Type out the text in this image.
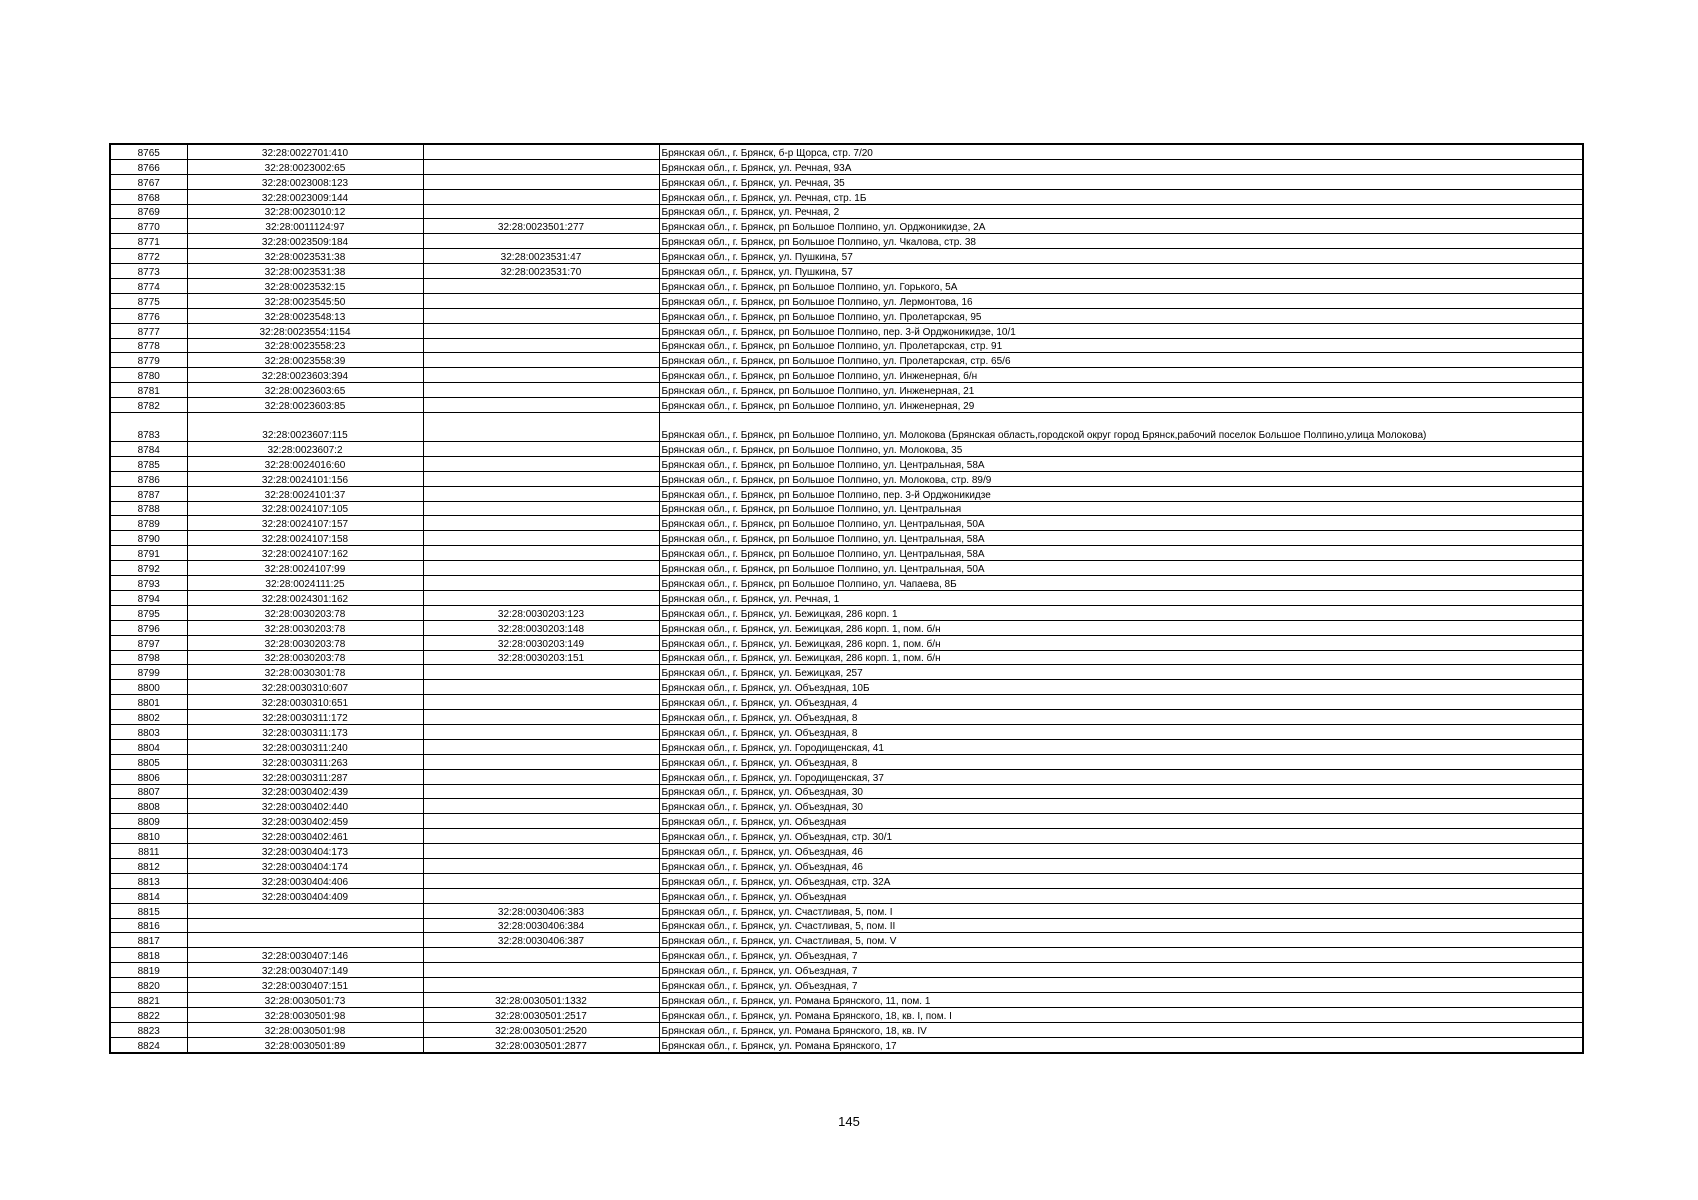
8765	32:28:0022701:410		Брянская обл., г. Брянск, б-р Щорса, стр. 7/20
8766	32:28:0023002:65		Брянская обл., г. Брянск, ул. Речная, 93А
8767	32:28:0023008:123		Брянская обл., г. Брянск, ул. Речная, 35
8768	32:28:0023009:144		Брянская обл., г. Брянск, ул. Речная, стр. 1Б
8769	32:28:0023010:12		Брянская обл., г. Брянск, ул. Речная, 2
8770	32:28:0011124:97	32:28:0023501:277	Брянская обл., г. Брянск, рп Большое Полпино, ул. Орджоникидзе, 2А
8771	32:28:0023509:184		Брянская обл., г. Брянск, рп Большое Полпино, ул. Чкалова, стр. 38
8772	32:28:0023531:38	32:28:0023531:47	Брянская обл., г. Брянск, ул. Пушкина, 57
8773	32:28:0023531:38	32:28:0023531:70	Брянская обл., г. Брянск, ул. Пушкина, 57
8774	32:28:0023532:15		Брянская обл., г. Брянск, рп Большое Полпино, ул. Горького, 5А
8775	32:28:0023545:50		Брянская обл., г. Брянск, рп Большое Полпино, ул. Лермонтова, 16
8776	32:28:0023548:13		Брянская обл., г. Брянск, рп Большое Полпино, ул. Пролетарская, 95
8777	32:28:0023554:1154		Брянская обл., г. Брянск, рп Большое Полпино, пер. 3-й Орджоникидзе, 10/1
8778	32:28:0023558:23		Брянская обл., г. Брянск, рп Большое Полпино, ул. Пролетарская, стр. 91
8779	32:28:0023558:39		Брянская обл., г. Брянск, рп Большое Полпино, ул. Пролетарская, стр. 65/6
8780	32:28:0023603:394		Брянская обл., г. Брянск, рп Большое Полпино, ул. Инженерная, б/н
8781	32:28:0023603:65		Брянская обл., г. Брянск, рп Большое Полпино, ул. Инженерная, 21
8782	32:28:0023603:85		Брянская обл., г. Брянск, рп Большое Полпино, ул. Инженерная, 29
8783	32:28:0023607:115		Брянская обл., г. Брянск, рп Большое Полпино, ул. Молокова (Брянская область,городской округ город Брянск,рабочий поселок Большое Полпино,улица Молокова)
8784	32:28:0023607:2		Брянская обл., г. Брянск, рп Большое Полпино, ул. Молокова, 35
8785	32:28:0024016:60		Брянская обл., г. Брянск, рп Большое Полпино, ул. Центральная, 58А
8786	32:28:0024101:156		Брянская обл., г. Брянск, рп Большое Полпино, ул. Молокова, стр. 89/9
8787	32:28:0024101:37		Брянская обл., г. Брянск, рп Большое Полпино, пер. 3-й Орджоникидзе
8788	32:28:0024107:105		Брянская обл., г. Брянск, рп Большое Полпино, ул. Центральная
8789	32:28:0024107:157		Брянская обл., г. Брянск, рп Большое Полпино, ул. Центральная, 50А
8790	32:28:0024107:158		Брянская обл., г. Брянск, рп Большое Полпино, ул. Центральная, 58А
8791	32:28:0024107:162		Брянская обл., г. Брянск, рп Большое Полпино, ул. Центральная, 58А
8792	32:28:0024107:99		Брянская обл., г. Брянск, рп Большое Полпино, ул. Центральная, 50А
8793	32:28:0024111:25		Брянская обл., г. Брянск, рп Большое Полпино, ул. Чапаева, 8Б
8794	32:28:0024301:162		Брянская обл., г. Брянск, ул. Речная, 1
8795	32:28:0030203:78	32:28:0030203:123	Брянская обл., г. Брянск, ул. Бежицкая, 286 корп. 1
8796	32:28:0030203:78	32:28:0030203:148	Брянская обл., г. Брянск, ул. Бежицкая, 286 корп. 1, пом. б/н
8797	32:28:0030203:78	32:28:0030203:149	Брянская обл., г. Брянск, ул. Бежицкая, 286 корп. 1, пом. б/н
8798	32:28:0030203:78	32:28:0030203:151	Брянская обл., г. Брянск, ул. Бежицкая, 286 корп. 1, пом. б/н
8799	32:28:0030301:78		Брянская обл., г. Брянск, ул. Бежицкая, 257
8800	32:28:0030310:607		Брянская обл., г. Брянск, ул. Объездная, 10Б
8801	32:28:0030310:651		Брянская обл., г. Брянск, ул. Объездная, 4
8802	32:28:0030311:172		Брянская обл., г. Брянск, ул. Объездная, 8
8803	32:28:0030311:173		Брянская обл., г. Брянск, ул. Объездная, 8
8804	32:28:0030311:240		Брянская обл., г. Брянск, ул. Городищенская, 41
8805	32:28:0030311:263		Брянская обл., г. Брянск, ул. Объездная, 8
8806	32:28:0030311:287		Брянская обл., г. Брянск, ул. Городищенская, 37
8807	32:28:0030402:439		Брянская обл., г. Брянск, ул. Объездная, 30
8808	32:28:0030402:440		Брянская обл., г. Брянск, ул. Объездная, 30
8809	32:28:0030402:459		Брянская обл., г. Брянск, ул. Объездная
8810	32:28:0030402:461		Брянская обл., г. Брянск, ул. Объездная, стр. 30/1
8811	32:28:0030404:173		Брянская обл., г. Брянск, ул. Объездная, 46
8812	32:28:0030404:174		Брянская обл., г. Брянск, ул. Объездная, 46
8813	32:28:0030404:406		Брянская обл., г. Брянск, ул. Объездная, стр. 32А
8814	32:28:0030404:409		Брянская обл., г. Брянск, ул. Объездная
8815		32:28:0030406:383	Брянская обл., г. Брянск, ул. Счастливая, 5, пом. I
8816		32:28:0030406:384	Брянская обл., г. Брянск, ул. Счастливая, 5, пом. II
8817		32:28:0030406:387	Брянская обл., г. Брянск, ул. Счастливая, 5, пом. V
8818	32:28:0030407:146		Брянская обл., г. Брянск, ул. Объездная, 7
8819	32:28:0030407:149		Брянская обл., г. Брянск, ул. Объездная, 7
8820	32:28:0030407:151		Брянская обл., г. Брянск, ул. Объездная, 7
8821	32:28:0030501:73	32:28:0030501:1332	Брянская обл., г. Брянск, ул. Романа Брянского, 11, пом. 1
8822	32:28:0030501:98	32:28:0030501:2517	Брянская обл., г. Брянск, ул. Романа Брянского, 18, кв. I, пом. I
8823	32:28:0030501:98	32:28:0030501:2520	Брянская обл., г. Брянск, ул. Романа Брянского, 18, кв. IV
8824	32:28:0030501:89	32:28:0030501:2877	Брянская обл., г. Брянск, ул. Романа Брянского, 17
145
